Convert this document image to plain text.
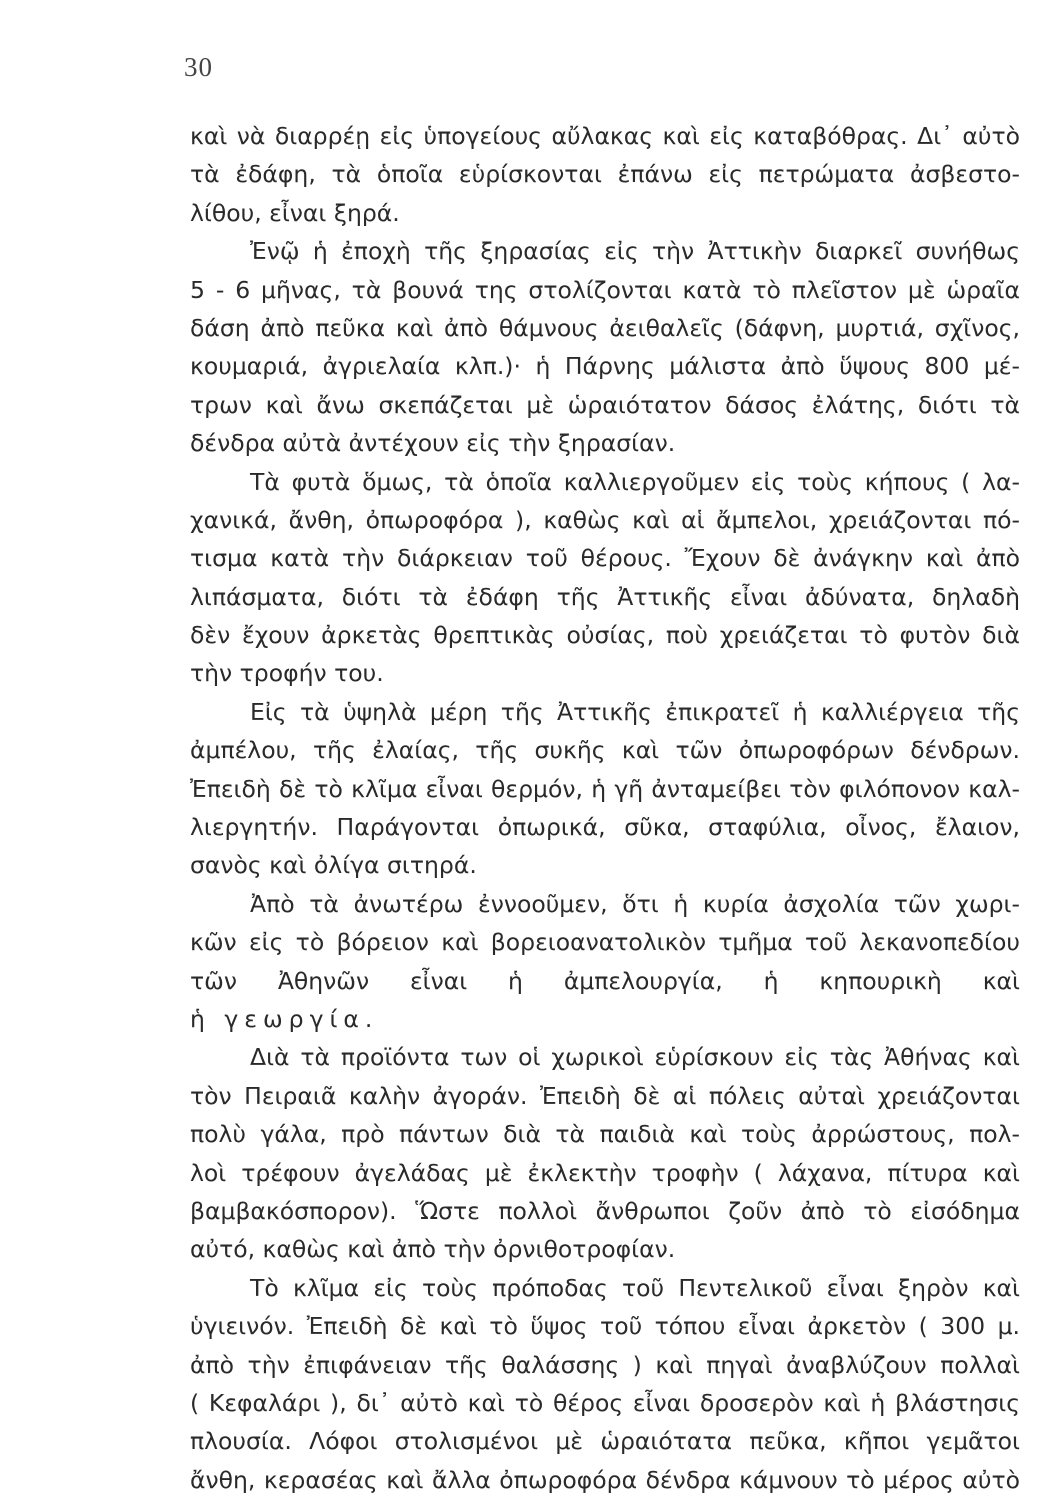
30
καὶ νὰ διαρρέῃ εἰς ὑπογείους αὔλακας καὶ εἰς καταβόθρας. Δι᾽ αὐτὸ
τὰ ἐδάφη, τὰ ὁποῖα εὑρίσκονται ἐπάνω εἰς πετρώματα ἀσβεστο-
λίθου, εἶναι ξηρά.
Ἐνῷ ἡ ἐποχὴ τῆς ξηρασίας εἰς τὴν Ἀττικὴν διαρκεῖ συνήθως
5 - 6 μῆνας, τὰ βουνά της στολίζονται κατὰ τὸ πλεῖστον μὲ ὡραῖα
δάση ἀπὸ πεῦκα καὶ ἀπὸ θάμνους ἀειθαλεῖς (δάφνη, μυρτιά, σχῖνος,
κουμαριά, ἀγριελαία κλπ.)· ἡ Πάρνης μάλιστα ἀπὸ ὕψους 800 μέ-
τρων καὶ ἄνω σκεπάζεται μὲ ὡραιότατον δάσος ἐλάτης, διότι τὰ
δένδρα αὐτὰ ἀντέχουν εἰς τὴν ξηρασίαν.
Τὰ φυτὰ ὅμως, τὰ ὁποῖα καλλιεργοῦμεν εἰς τοὺς κήπους ( λα-
χανικά, ἄνθη, ὀπωροφόρα ), καθὼς καὶ αἱ ἄμπελοι, χρειάζονται πό-
τισμα κατὰ τὴν διάρκειαν τοῦ θέρους. Ἔχουν δὲ ἀνάγκην καὶ ἀπὸ
λιπάσματα, διότι τὰ ἐδάφη τῆς Ἀττικῆς εἶναι ἀδύνατα, δηλαδὴ
δὲν ἔχουν ἀρκετὰς θρεπτικὰς οὐσίας, ποὺ χρειάζεται τὸ φυτὸν διὰ
τὴν τροφήν του.
Εἰς τὰ ὑψηλὰ μέρη τῆς Ἀττικῆς ἐπικρατεῖ ἡ καλλιέργεια τῆς
ἀμπέλου, τῆς ἐλαίας, τῆς συκῆς καὶ τῶν ὀπωροφόρων δένδρων.
Ἐπειδὴ δὲ τὸ κλῖμα εἶναι θερμόν, ἡ γῆ ἀνταμείβει τὸν φιλόπονον καλ-
λιεργητήν. Παράγονται ὀπωρικά, σῦκα, σταφύλια, οἶνος, ἔλαιον,
σανὸς καὶ ὀλίγα σιτηρά.
Ἀπὸ τὰ ἀνωτέρω ἐννοοῦμεν, ὅτι ἡ κυρία ἀσχολία τῶν χωρι-
κῶν εἰς τὸ βόρειον καὶ βορειοανατολικὸν τμῆμα τοῦ λεκανοπεδίου
τῶν Ἀθηνῶν εἶναι ἡ ἀμπελουργία, ἡ κηπουρικὴ καὶ
ἡ γεωργία.
Διὰ τὰ προϊόντα των οἱ χωρικοὶ εὑρίσκουν εἰς τὰς Ἀθήνας καὶ
τὸν Πειραιᾶ καλὴν ἀγοράν. Ἐπειδὴ δὲ αἱ πόλεις αὐταὶ χρειάζονται
πολὺ γάλα, πρὸ πάντων διὰ τὰ παιδιὰ καὶ τοὺς ἀρρώστους, πολ-
λοὶ τρέφουν ἀγελάδας μὲ ἐκλεκτὴν τροφὴν ( λάχανα, πίτυρα καὶ
βαμβακόσπορον). Ὥστε πολλοὶ ἄνθρωποι ζοῦν ἀπὸ τὸ εἰσόδημα
αὐτό, καθὼς καὶ ἀπὸ τὴν ὀρνιθοτροφίαν.
Τὸ κλῖμα εἰς τοὺς πρόποδας τοῦ Πεντελικοῦ εἶναι ξηρὸν καὶ
ὑγιεινόν. Ἐπειδὴ δὲ καὶ τὸ ὕψος τοῦ τόπου εἶναι ἀρκετὸν ( 300 μ.
ἀπὸ τὴν ἐπιφάνειαν τῆς θαλάσσης ) καὶ πηγαὶ ἀναβλύζουν πολλαὶ
( Κεφαλάρι ), δι᾽ αὐτὸ καὶ τὸ θέρος εἶναι δροσερὸν καὶ ἡ βλάστησις
πλουσία. Λόφοι στολισμένοι μὲ ὡραιότατα πεῦκα, κῆποι γεμᾶτοι
ἄνθη, κερασέας καὶ ἄλλα ὀπωροφόρα δένδρα κάμνουν τὸ μέρος αὐτὸ
